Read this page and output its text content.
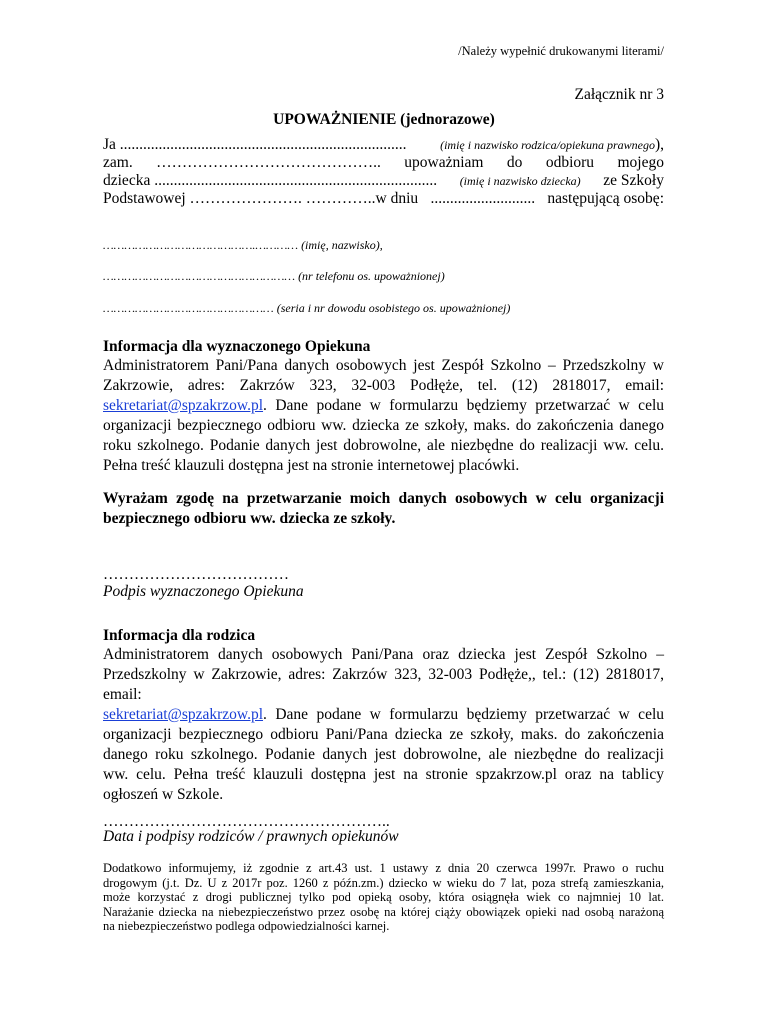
/Należy wypełnić drukowanymi literami/
Załącznik nr 3
UPOWAŻNIENIE (jednorazowe)
Ja ..........................................................................	(imię i nazwisko rodzica/opiekuna prawnego),
zam. …………………………………….. upoważniam do odbioru mojego
dziecka ......................................................................... (imię i nazwisko dziecka) ze Szkoły
Podstawowej …………………. …………..w dniu ........................... następującą osobę:
…………………………………….………… (imię, nazwisko),
……………………………………………… (nr telefonu os. upoważnionej)
………………………………………… (seria i nr dowodu osobistego os. upoważnionej)
Informacja dla wyznaczonego Opiekuna
Administratorem Pani/Pana danych osobowych jest Zespół Szkolno – Przedszkolny w
Zakrzowie, adres: Zakrzów 323, 32-003 Podłęże, tel. (12) 2818017, email:
sekretariat@spzakrzow.pl. Dane podane w formularzu będziemy przetwarzać w celu
organizacji bezpiecznego odbioru ww. dziecka ze szkoły, maks. do zakończenia danego
roku szkolnego. Podanie danych jest dobrowolne, ale niezbędne do realizacji ww. celu.
Pełna treść klauzuli dostępna jest na stronie internetowej placówki.
Wyrażam zgodę na przetwarzanie moich danych osobowych w celu organizacji
bezpiecznego odbioru ww. dziecka ze szkoły.
………………………………
Podpis wyznaczonego Opiekuna
Informacja dla rodzica
Administratorem danych osobowych Pani/Pana oraz dziecka jest Zespół Szkolno –
Przedszkolny w Zakrzowie, adres: Zakrzów 323, 32-003 Podłęże,, tel.: (12) 2818017, email:
sekretariat@spzakrzow.pl. Dane podane w formularzu będziemy przetwarzać w celu
organizacji bezpiecznego odbioru Pani/Pana dziecka ze szkoły, maks. do zakończenia
danego roku szkolnego. Podanie danych jest dobrowolne, ale niezbędne do realizacji
ww. celu. Pełna treść klauzuli dostępna jest na stronie spzakrzow.pl oraz na tablicy
ogłoszeń w Szkole.
………………………………………………..
Data i podpisy rodziców / prawnych opiekunów
Dodatkowo informujemy, iż zgodnie z art.43 ust. 1 ustawy z dnia 20 czerwca 1997r. Prawo o ruchu
drogowym (j.t. Dz. U z 2017r poz. 1260 z późn.zm.) dziecko w wieku do 7 lat, poza strefą zamieszkania,
może korzystać z drogi publicznej tylko pod opieką osoby, która osiągnęła wiek co najmniej 10 lat.
Narażanie dziecka na niebezpieczeństwo przez osobę na której ciąży obowiązek opieki nad osobą narażoną
na niebezpieczeństwo podlega odpowiedzialności karnej.
